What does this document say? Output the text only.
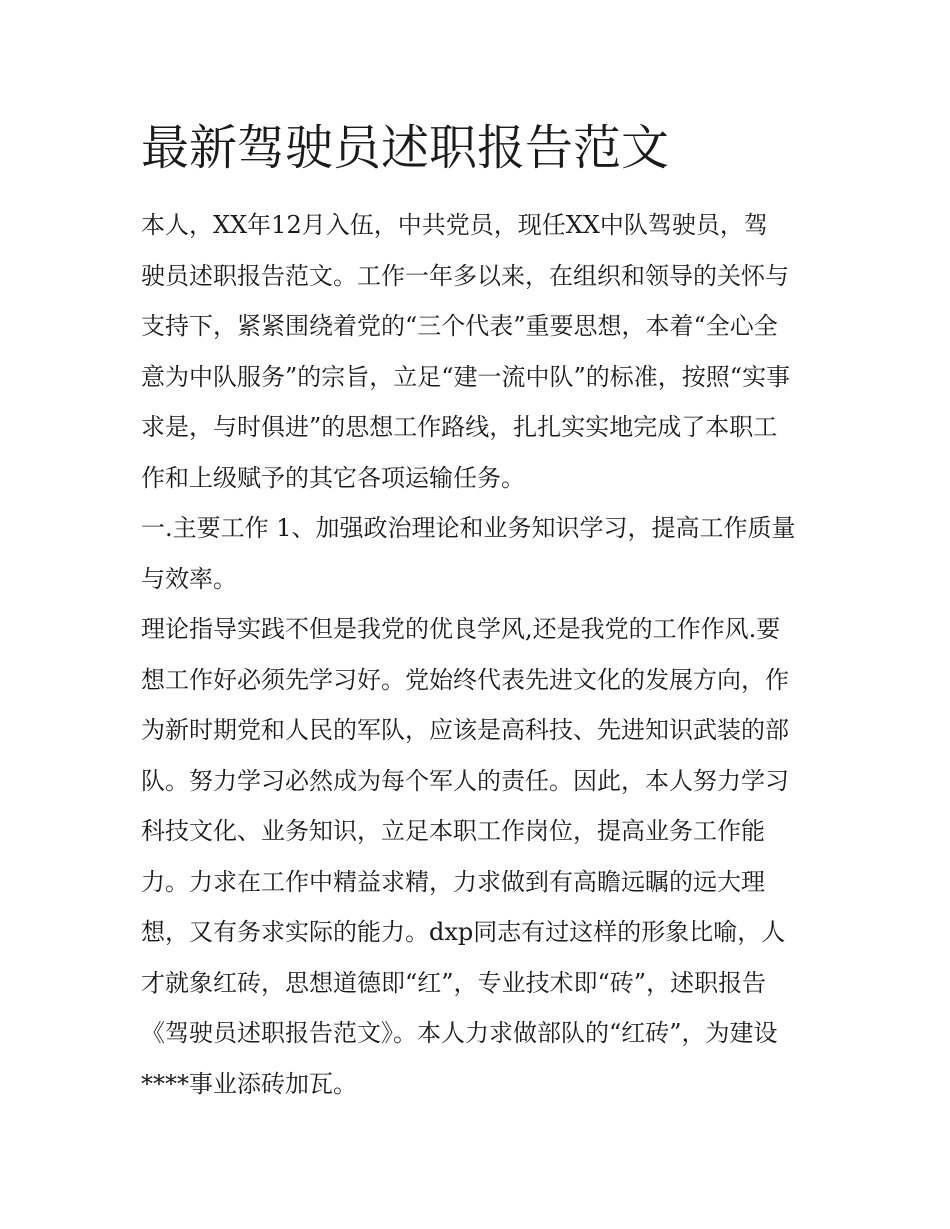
最新驾驶员述职报告范文

本人，XX年12月入伍，中共党员，现任XX中队驾驶员，驾
驶员述职报告范文。工作一年多以来，在组织和领导的关怀与
支持下，紧紧围绕着党的“三个代表”重要思想，本着“全心全
意为中队服务”的宗旨，立足“建一流中队”的标准，按照“实事
求是，与时俱进”的思想工作路线，扎扎实实地完成了本职工
作和上级赋予的其它各项运输任务。

一.主要工作 1、加强政治理论和业务知识学习，提高工作质量
与效率。

理论指导实践不但是我党的优良学风,还是我党的工作作风.要
想工作好必须先学习好。党始终代表先进文化的发展方向，作
为新时期党和人民的军队，应该是高科技、先进知识武装的部
队。努力学习必然成为每个军人的责任。因此，本人努力学习
科技文化、业务知识，立足本职工作岗位，提高业务工作能
力。力求在工作中精益求精，力求做到有高瞻远瞩的远大理
想，又有务求实际的能力。dxp同志有过这样的形象比喻，人
才就象红砖，思想道德即“红”，专业技术即“砖”，述职报告
《驾驶员述职报告范文》。本人力求做部队的“红砖”，为建设
****事业添砖加瓦。
